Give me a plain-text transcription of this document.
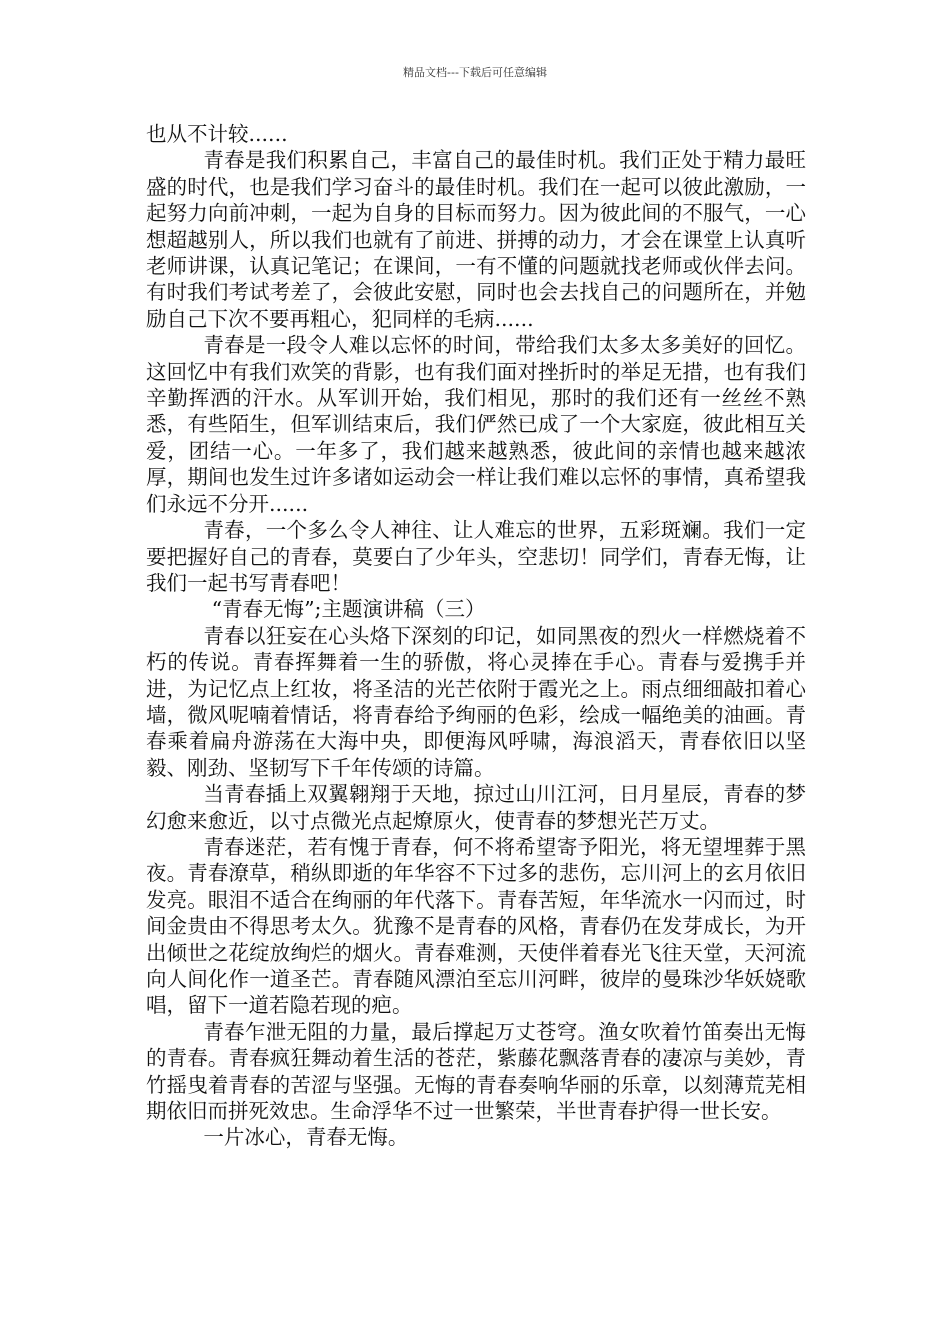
精品文档---下载后可任意编辑

也从不计较......

青春是我们积累自己，丰富自己的最佳时机。我们正处于精力最旺盛的时代，也是我们学习奋斗的最佳时机。我们在一起可以彼此激励，一起努力向前冲刺，一起为自身的目标而努力。因为彼此间的不服气，一心想超越别人，所以我们也就有了前进、拼搏的动力，才会在课堂上认真听老师讲课，认真记笔记；在课间，一有不懂的问题就找老师或伙伴去问。有时我们考试考差了，会彼此安慰，同时也会去找自己的问题所在，并勉励自己下次不要再粗心，犯同样的毛病......

青春是一段令人难以忘怀的时间，带给我们太多太多美好的回忆。这回忆中有我们欢笑的背影，也有我们面对挫折时的举足无措，也有我们辛勤挥洒的汗水。从军训开始，我们相见，那时的我们还有一丝丝不熟悉，有些陌生，但军训结束后，我们俨然已成了一个大家庭，彼此相互关爱，团结一心。一年多了，我们越来越熟悉，彼此间的亲情也越来越浓厚，期间也发生过许多诸如运动会一样让我们难以忘怀的事情，真希望我们永远不分开......

青春，一个多么令人神往、让人难忘的世界，五彩斑斓。我们一定要把握好自己的青春，莫要白了少年头，空悲切！同学们，青春无悔，让我们一起书写青春吧！

“青春无悔”;主题演讲稿（三）

青春以狂妄在心头烙下深刻的印记，如同黑夜的烈火一样燃烧着不朽的传说。青春挥舞着一生的骄傲，将心灵捧在手心。青春与爱携手并进，为记忆点上红妆，将圣洁的光芒依附于霞光之上。雨点细细敲扣着心墙，微风呢喃着情话，将青春给予绚丽的色彩，绘成一幅绝美的油画。青春乘着扁舟游荡在大海中央，即便海风呼啸，海浪滔天，青春依旧以坚毅、刚劲、坚韧写下千年传颂的诗篇。

当青春插上双翼翱翔于天地，掠过山川江河，日月星辰，青春的梦幻愈来愈近，以寸点微光点起燎原火，使青春的梦想光芒万丈。

青春迷茫，若有愧于青春，何不将希望寄予阳光，将无望埋葬于黑夜。青春潦草，稍纵即逝的年华容不下过多的悲伤，忘川河上的玄月依旧发亮。眼泪不适合在绚丽的年代落下。青春苦短，年华流水一闪而过，时间金贵由不得思考太久。犹豫不是青春的风格，青春仍在发芽成长，为开出倾世之花绽放绚烂的烟火。青春难测，天使伴着春光飞往天堂，天河流向人间化作一道圣芒。青春随风漂泊至忘川河畔，彼岸的曼珠沙华妖娆歌唱，留下一道若隐若现的疤。

青春乍泄无阻的力量，最后撑起万丈苍穹。渔女吹着竹笛奏出无悔的青春。青春疯狂舞动着生活的苍茫，紫藤花飘落青春的凄凉与美妙，青竹摇曳着青春的苦涩与坚强。无悔的青春奏响华丽的乐章，以刻薄荒芜相期依旧而拼死效忠。生命浮华不过一世繁荣，半世青春护得一世长安。

一片冰心，青春无悔。
